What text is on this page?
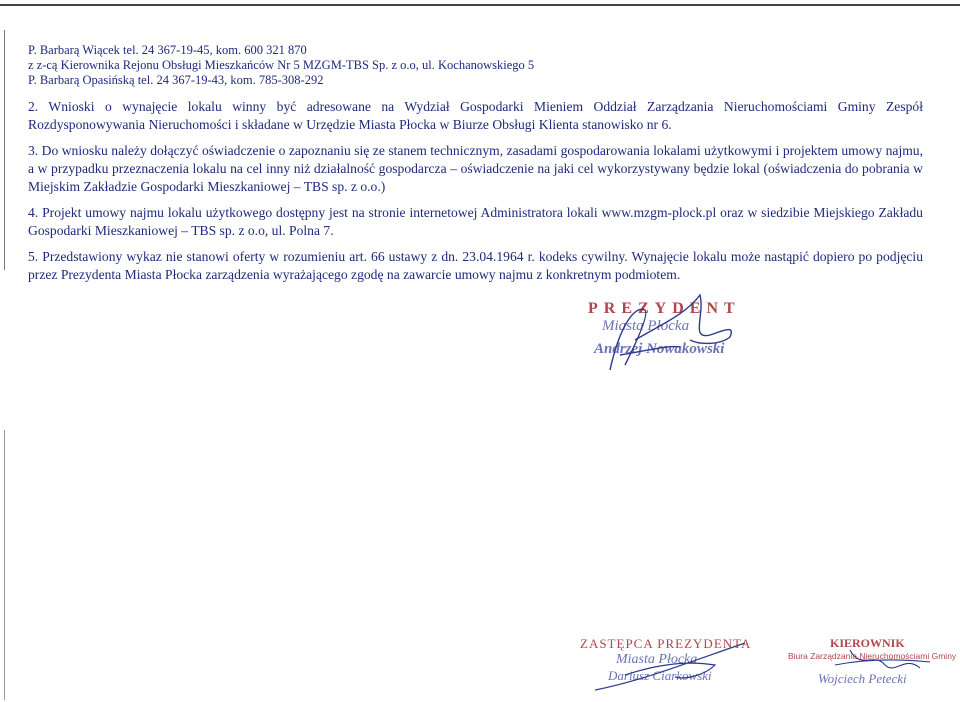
P. Barbarą Wiącek tel. 24 367-19-45, kom. 600 321 870

z z-cą Kierownika Rejonu Obsługi Mieszkańców Nr 5 MZGM-TBS Sp. z o.o, ul. Kochanowskiego 5

P. Barbarą Opasińską tel. 24 367-19-43, kom. 785-308-292

2. Wnioski o wynajęcie lokalu winny być adresowane na Wydział Gospodarki Mieniem Oddział Zarządzania Nieruchomościami Gminy Zespół Rozdysponowywania Nieruchomości i składane w Urzędzie Miasta Płocka w Biurze Obsługi Klienta stanowisko nr 6.

3. Do wniosku należy dołączyć oświadczenie o zapoznaniu się ze stanem technicznym, zasadami gospodarowania lokalami użytkowymi i projektem umowy najmu, a w przypadku przeznaczenia lokalu na cel inny niż działalność gospodarcza – oświadczenie na jaki cel wykorzystywany będzie lokal (oświadczenia do pobrania w Miejskim Zakładzie Gospodarki Mieszkaniowej – TBS sp. z o.o.)

4. Projekt umowy najmu lokalu użytkowego dostępny jest na stronie internetowej Administratora lokali www.mzgm-plock.pl oraz w siedzibie Miejskiego Zakładu Gospodarki Mieszkaniowej – TBS sp. z o.o, ul. Polna 7.

5. Przedstawiony wykaz nie stanowi oferty w rozumieniu art. 66 ustawy z dn. 23.04.1964 r. kodeks cywilny. Wynajęcie lokalu może nastąpić dopiero po podjęciu przez Prezydenta Miasta Płocka zarządzenia wyrażającego zgodę na zawarcie umowy najmu z konkretnym podmiotem.

PREZYDENT
Miasta Płocka
Andrzej Nowakowski
ZASTĘPCA PREZYDENTA
Miasta Płocka
Dariusz Ciarkowski
KIEROWNIK
Biura Zarządzania Nieruchomościami Gminy
Wojciech Petecki
